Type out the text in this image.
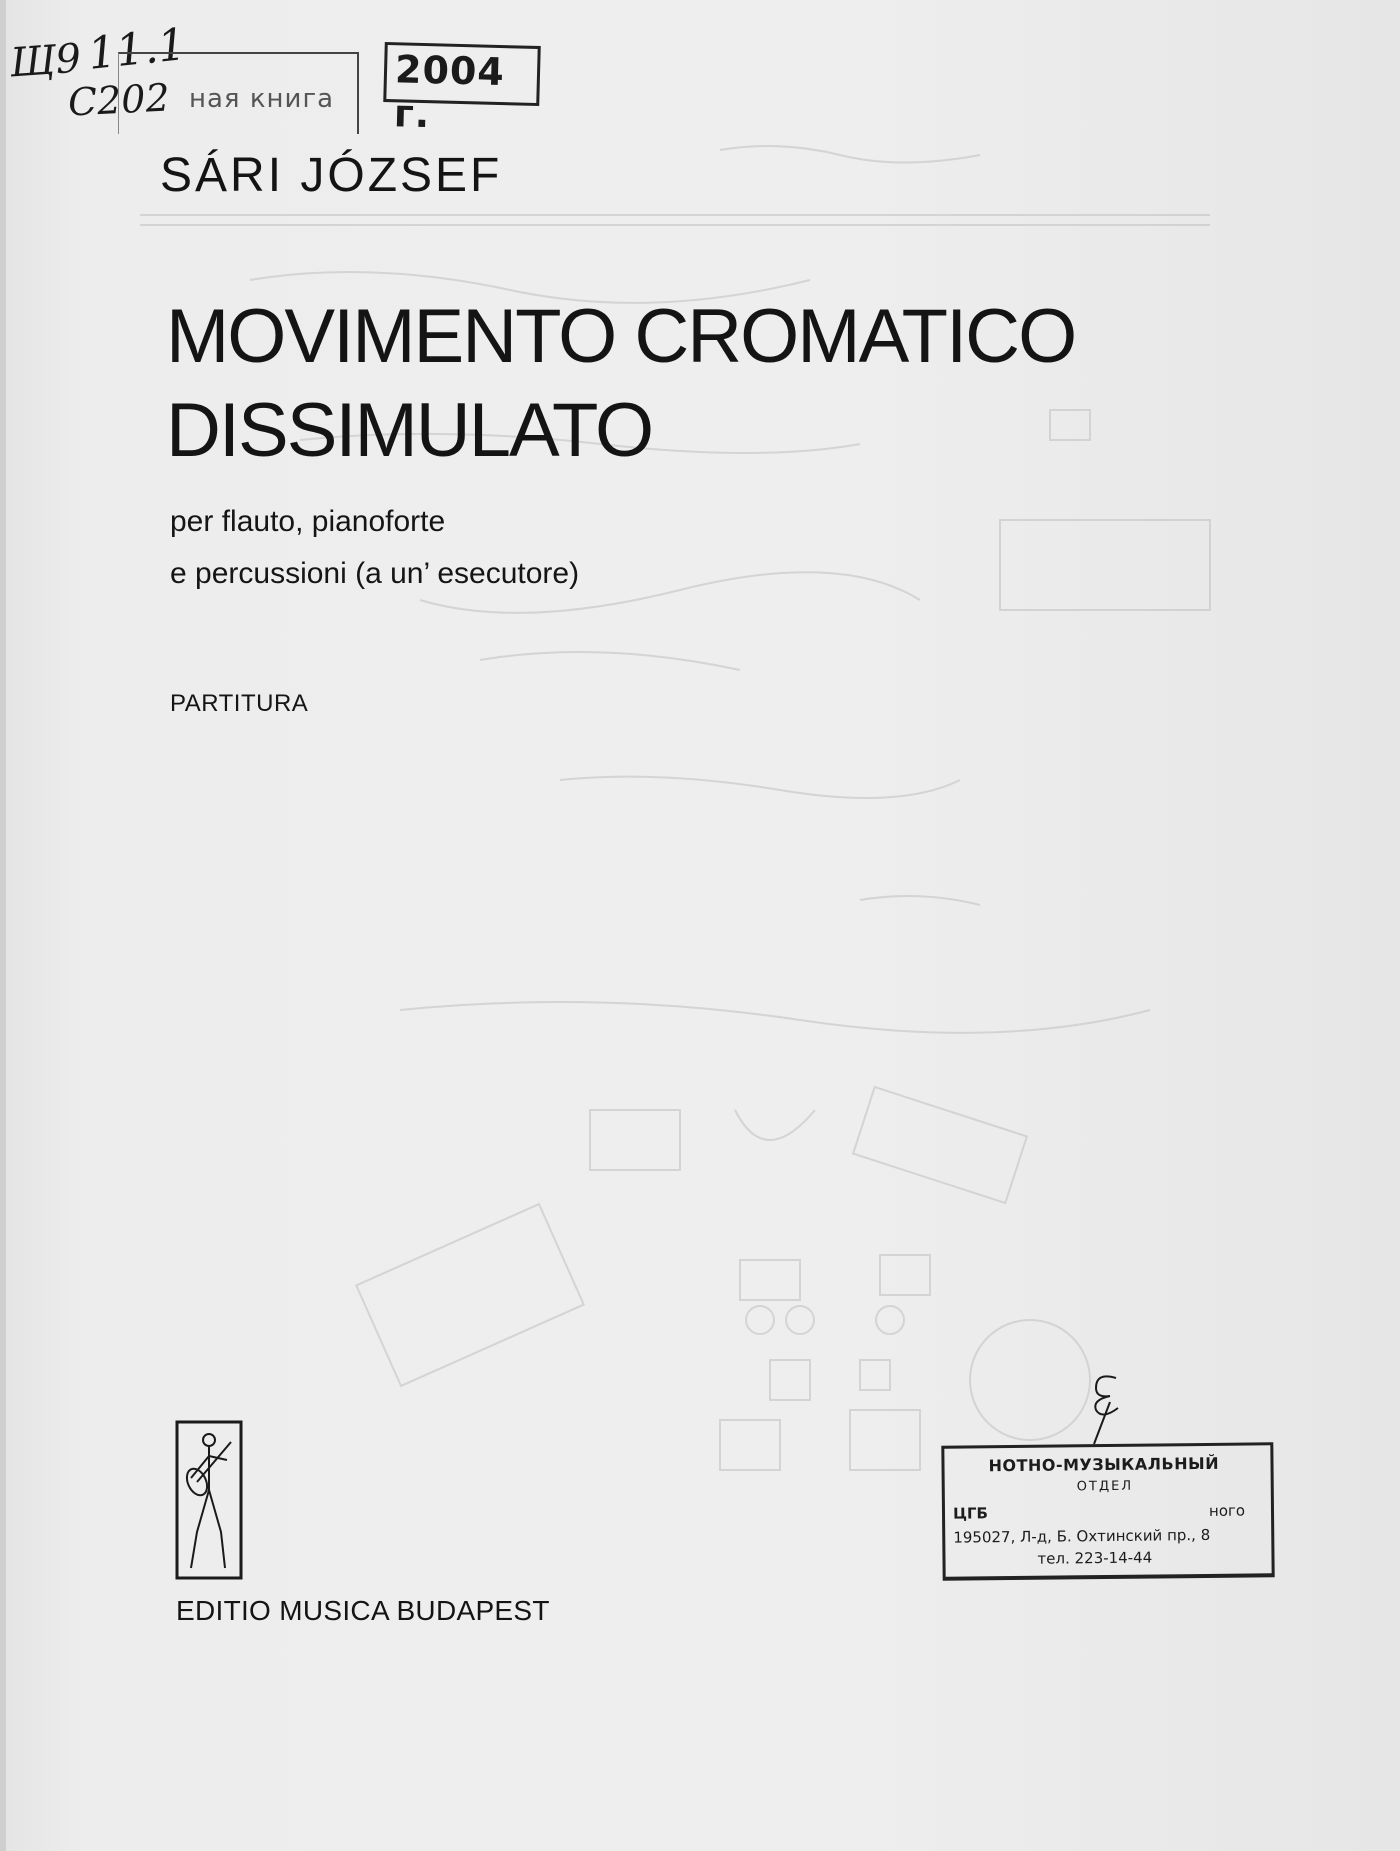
Щ9 11.1
С202 ная книга
2004 г.
SÁRI JÓZSEF
MOVIMENTO CROMATICO
DISSIMULATO
per flauto, pianoforte
e percussioni (a un’ esecutore)
PARTITURA
EDITIO MUSICA BUDAPEST
НОТНО-МУЗЫКАЛЬНЫЙ
ОТДЕЛ
ЦГБ	ного
195027, Л-д, Б. Охтинский пр., 8
тел. 223-14-44
